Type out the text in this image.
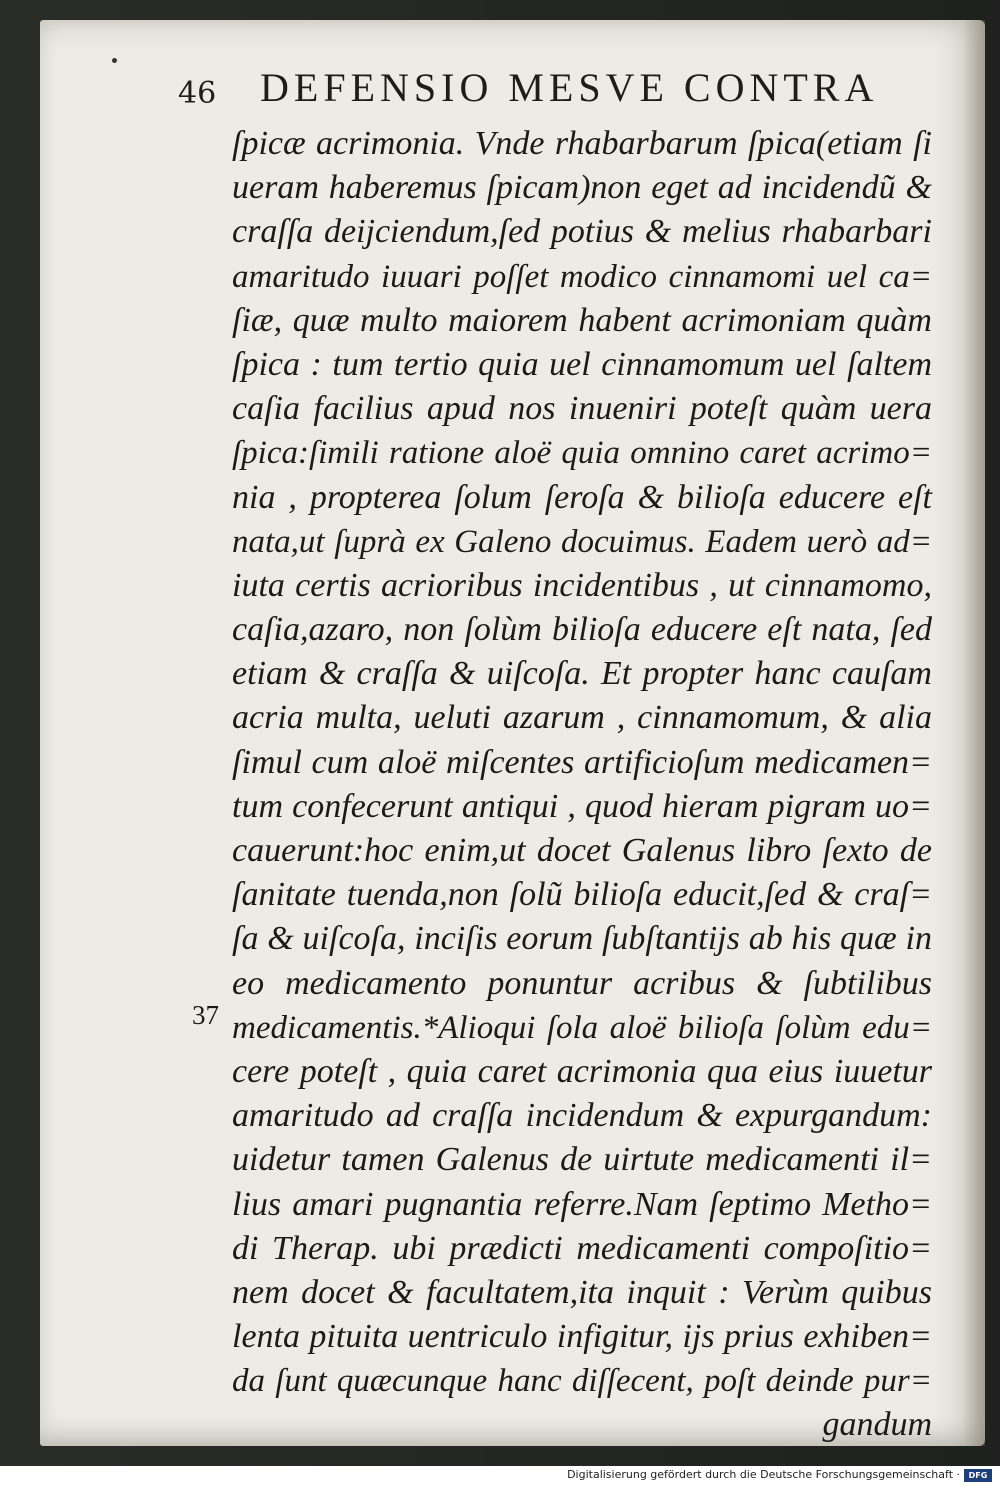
46 DEFENSIO MESVE CONTRA
37
ſpicæ acrimonia. Vnde rhabarbarum ſpica(etiam ſi
ueram haberemus ſpicam)non eget ad incidendũ &
craſſa deijciendum,ſed potius & melius rhabarbari
amaritudo iuuari poſſet modico cinnamomi uel ca=
ſiæ, quæ multo maiorem habent acrimoniam quàm
ſpica : tum tertio quia uel cinnamomum uel ſaltem
caſia facilius apud nos inueniri poteſt quàm uera
ſpica:ſimili ratione aloë quia omnino caret acrimo=
nia , propterea ſolum ſeroſa & bilioſa educere eſt
nata,ut ſuprà ex Galeno docuimus. Eadem uerò ad=
iuta certis acrioribus incidentibus , ut cinnamomo,
caſia,azaro, non ſolùm bilioſa educere eſt nata, ſed
etiam & craſſa & uiſcoſa. Et propter hanc cauſam
acria multa, ueluti azarum , cinnamomum, & alia
ſimul cum aloë miſcentes artificioſum medicamen=
tum confecerunt antiqui , quod hieram pigram uo=
cauerunt:hoc enim,ut docet Galenus libro ſexto de
ſanitate tuenda,non ſolũ bilioſa educit,ſed & craſ=
ſa & uiſcoſa, inciſis eorum ſubſtantijs ab his quæ in
eo medicamento ponuntur acribus & ſubtilibus
medicamentis.*Alioqui ſola aloë bilioſa ſolùm edu=
cere poteſt , quia caret acrimonia qua eius iuuetur
amaritudo ad craſſa incidendum & expurgandum:
uidetur tamen Galenus de uirtute medicamenti il=
lius amari pugnantia referre.Nam ſeptimo Metho=
di Therap. ubi prædicti medicamenti compoſitio=
nem docet & facultatem,ita inquit : Verùm quibus
lenta pituita uentriculo infigitur, ijs prius exhiben=
da ſunt quæcunque hanc diſſecent, poſt deinde pur=
gandum
Digitalisierung gefördert durch die Deutsche Forschungsgemeinschaft ·	DFG
